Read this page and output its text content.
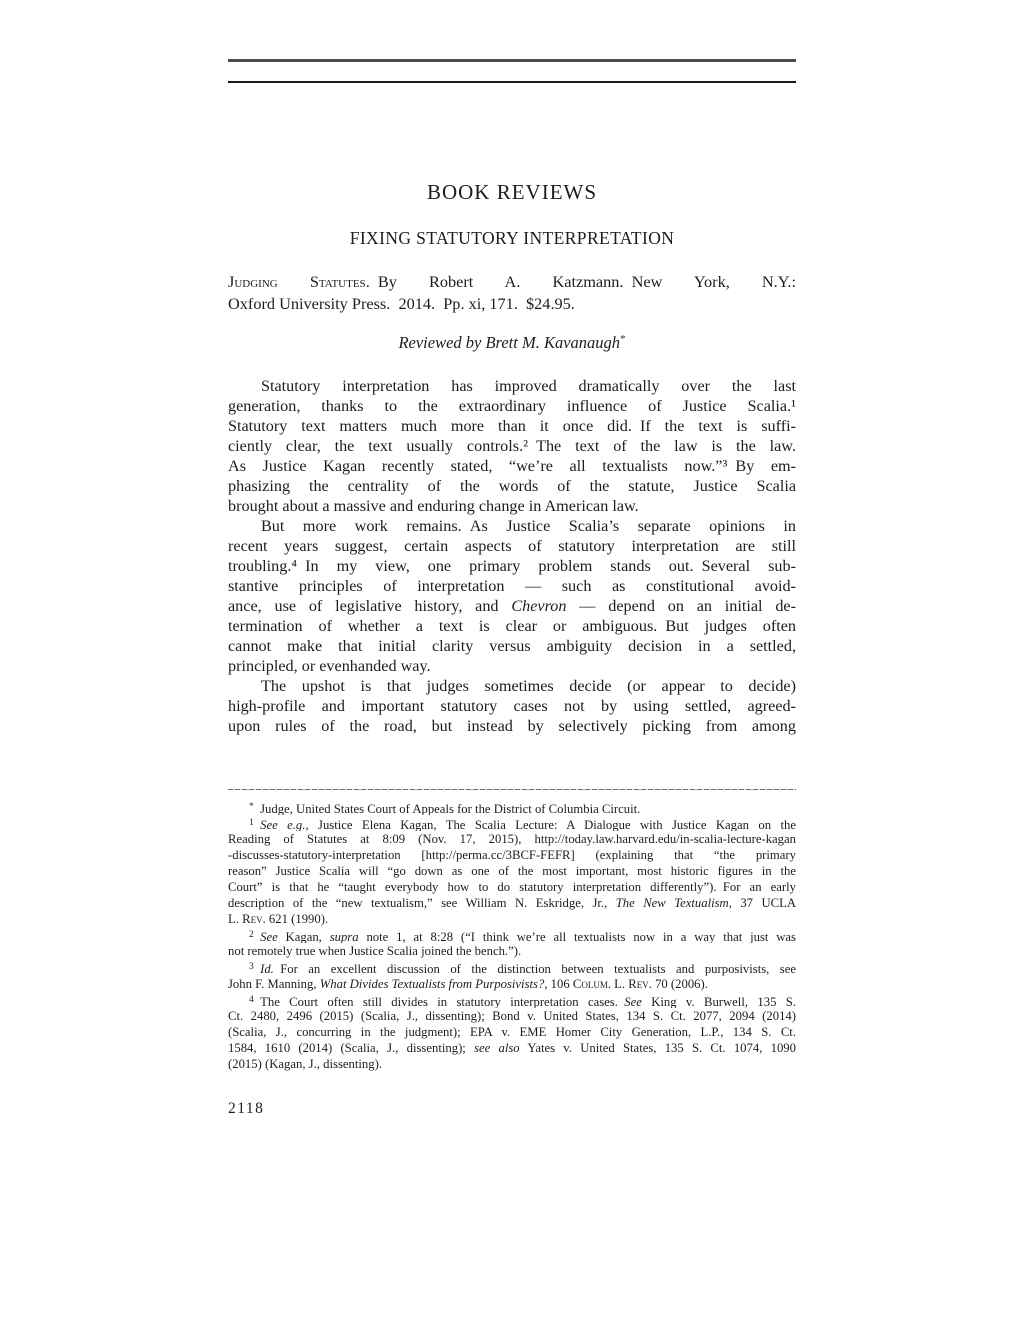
BOOK REVIEWS
FIXING STATUTORY INTERPRETATION
Judging Statutes. By Robert A. Katzmann. New York, N.Y.:
Oxford University Press. 2014. Pp. xi, 171. $24.95.
Reviewed by Brett M. Kavanaugh*
Statutory interpretation has improved dramatically over the last
generation, thanks to the extraordinary influence of Justice Scalia.¹
Statutory text matters much more than it once did. If the text is suffi-
ciently clear, the text usually controls.² The text of the law is the law.
As Justice Kagan recently stated, “we’re all textualists now.”³ By em-
phasizing the centrality of the words of the statute, Justice Scalia
brought about a massive and enduring change in American law.
But more work remains. As Justice Scalia’s separate opinions in
recent years suggest, certain aspects of statutory interpretation are still
troubling.⁴ In my view, one primary problem stands out. Several sub-
stantive principles of interpretation — such as constitutional avoid-
ance, use of legislative history, and Chevron — depend on an initial de-
termination of whether a text is clear or ambiguous. But judges often
cannot make that initial clarity versus ambiguity decision in a settled,
principled, or evenhanded way.
The upshot is that judges sometimes decide (or appear to decide)
high-profile and important statutory cases not by using settled, agreed-
upon rules of the road, but instead by selectively picking from among
*  Judge, United States Court of Appeals for the District of Columbia Circuit.
$^1$  See e.g., Justice Elena Kagan, The Scalia Lecture: A Dialogue with Justice Kagan on the
Reading of Statutes at 8:09 (Nov. 17, 2015), http://today.law.harvard.edu/in-scalia-lecture-kagan
-discusses-statutory-interpretation [http://perma.cc/3BCF-FEFR] (explaining that “the primary
reason” Justice Scalia will “go down as one of the most important, most historic figures in the
Court” is that he “taught everybody how to do statutory interpretation differently”). For an early
description of the “new textualism,” see William N. Eskridge, Jr., The New Textualism, 37 UCLA
L. Rev. 621 (1990).
$^2$  See Kagan, supra note 1, at 8:28 (“I think we’re all textualists now in a way that just was
not remotely true when Justice Scalia joined the bench.”).
$^3$  Id. For an excellent discussion of the distinction between textualists and purposivists, see
John F. Manning, What Divides Textualists from Purposivists?, 106 Colum. L. Rev. 70 (2006).
$^4$  The Court often still divides in statutory interpretation cases. See King v. Burwell, 135 S.
Ct. 2480, 2496 (2015) (Scalia, J., dissenting); Bond v. United States, 134 S. Ct. 2077, 2094 (2014)
(Scalia, J., concurring in the judgment); EPA v. EME Homer City Generation, L.P., 134 S. Ct.
1584, 1610 (2014) (Scalia, J., dissenting); see also Yates v. United States, 135 S. Ct. 1074, 1090
(2015) (Kagan, J., dissenting).
2118
